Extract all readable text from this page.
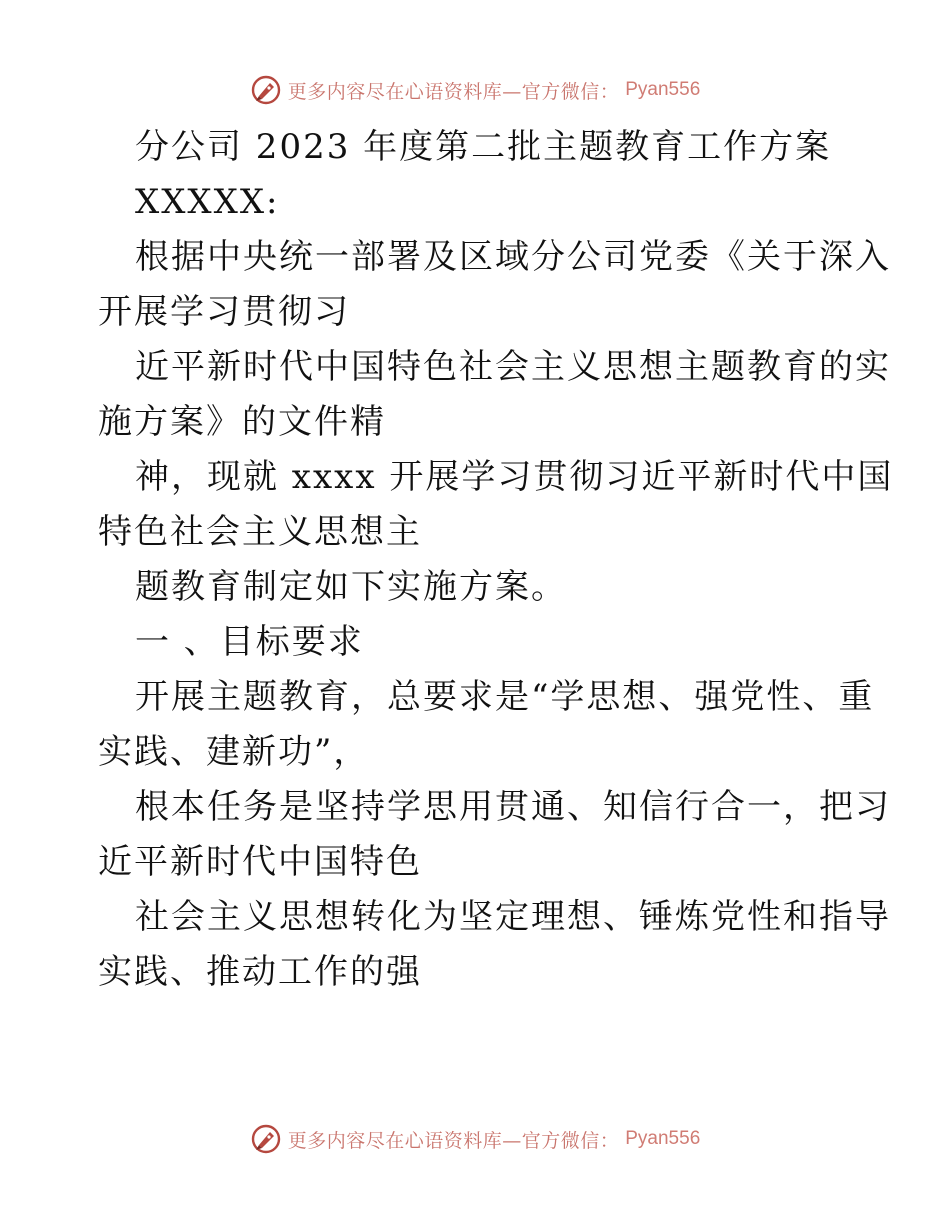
更多内容尽在心语资料库—官方微信： Pyan556
分公司 2023 年度第二批主题教育工作方案
XXXXX:
根据中央统一部署及区域分公司党委《关于深入
开展学习贯彻习
近平新时代中国特色社会主义思想主题教育的实
施方案》的文件精
神，现就 xxxx 开展学习贯彻习近平新时代中国
特色社会主义思想主
题教育制定如下实施方案。
一 、目标要求
开展主题教育，总要求是“学思想、强党性、重
实践、建新功”，
根本任务是坚持学思用贯通、知信行合一，把习
近平新时代中国特色
社会主义思想转化为坚定理想、锤炼党性和指导
实践、推动工作的强
更多内容尽在心语资料库—官方微信： Pyan556
